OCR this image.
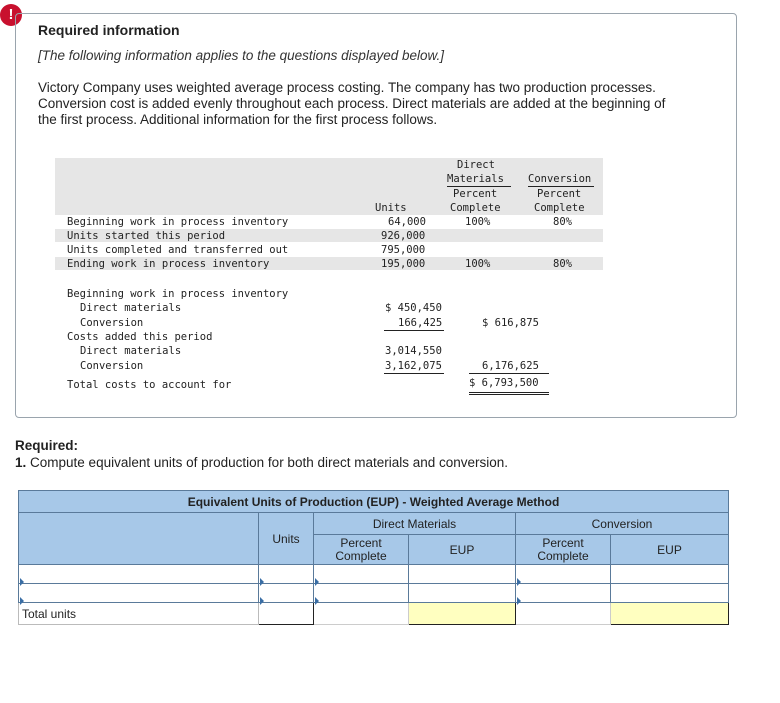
!
Required information
[The following information applies to the questions displayed below.]
Victory Company uses weighted average process costing. The company has two production processes. Conversion cost is added evenly throughout each process. Direct materials are added at the beginning of the first process. Additional information for the first process follows.
Direct
Materials
Percent
Complete
Conversion
Percent
Complete
Units
Beginning work in process inventory	64,000	100%	80%
Units started this period	926,000
Units completed and transferred out	795,000
Ending work in process inventory	195,000	100%	80%
Beginning work in process inventory
Direct materials	$ 450,450
Conversion	166,425	$ 616,875
Costs added this period
Direct materials	3,014,550
Conversion	3,162,075	6,176,625
Total costs to account for	$ 6,793,500
Required:
1. Compute equivalent units of production for both direct materials and conversion.
Equivalent Units of Production (EUP) - Weighted Average Method					
	Units	Direct Materials		Conversion	
		Percent Complete	EUP	Percent Complete	EUP

Total units					
